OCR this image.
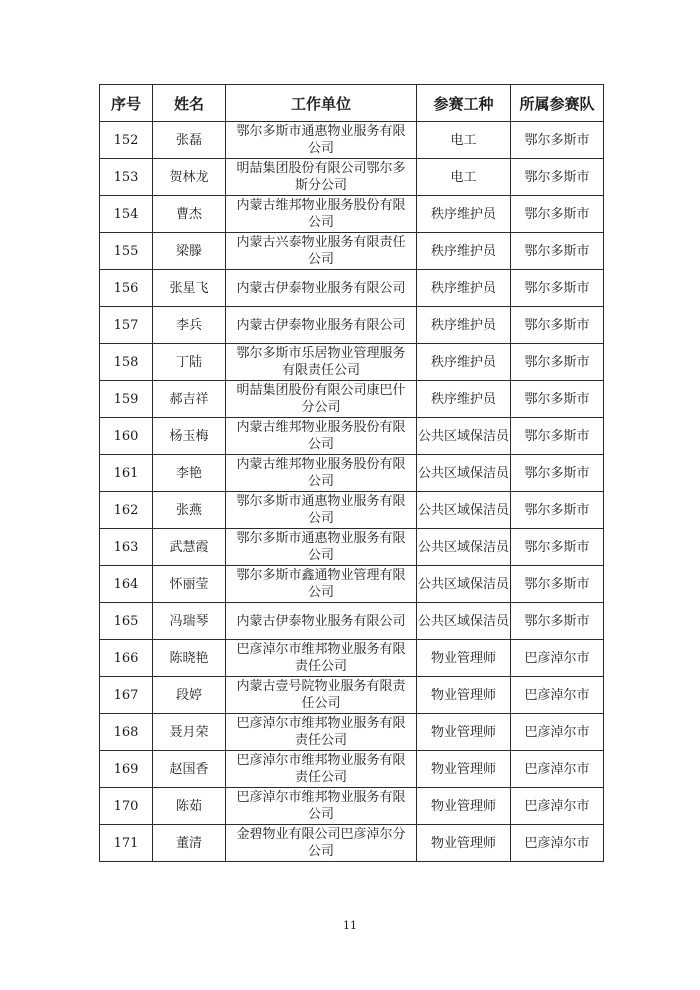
序号	姓名	工作单位	参赛工种	所属参赛队
152	张磊	鄂尔多斯市通惠物业服务有限公司	电工	鄂尔多斯市
153	贺林龙	明喆集团股份有限公司鄂尔多斯分公司	电工	鄂尔多斯市
154	曹杰	内蒙古维邦物业服务股份有限公司	秩序维护员	鄂尔多斯市
155	梁滕	内蒙古兴泰物业服务有限责任公司	秩序维护员	鄂尔多斯市
156	张星飞	内蒙古伊泰物业服务有限公司	秩序维护员	鄂尔多斯市
157	李兵	内蒙古伊泰物业服务有限公司	秩序维护员	鄂尔多斯市
158	丁陆	鄂尔多斯市乐居物业管理服务有限责任公司	秩序维护员	鄂尔多斯市
159	郝吉祥	明喆集团股份有限公司康巴什分公司	秩序维护员	鄂尔多斯市
160	杨玉梅	内蒙古维邦物业服务股份有限公司	公共区域保洁员	鄂尔多斯市
161	李艳	内蒙古维邦物业服务股份有限公司	公共区域保洁员	鄂尔多斯市
162	张燕	鄂尔多斯市通惠物业服务有限公司	公共区域保洁员	鄂尔多斯市
163	武慧霞	鄂尔多斯市通惠物业服务有限公司	公共区域保洁员	鄂尔多斯市
164	怀丽莹	鄂尔多斯市鑫通物业管理有限公司	公共区域保洁员	鄂尔多斯市
165	冯瑞琴	内蒙古伊泰物业服务有限公司	公共区域保洁员	鄂尔多斯市
166	陈晓艳	巴彦淖尔市维邦物业服务有限责任公司	物业管理师	巴彦淖尔市
167	段婷	内蒙古壹号院物业服务有限责任公司	物业管理师	巴彦淖尔市
168	聂月荣	巴彦淖尔市维邦物业服务有限责任公司	物业管理师	巴彦淖尔市
169	赵国香	巴彦淖尔市维邦物业服务有限责任公司	物业管理师	巴彦淖尔市
170	陈茹	巴彦淖尔市维邦物业服务有限公司	物业管理师	巴彦淖尔市
171	董清	金碧物业有限公司巴彦淖尔分公司	物业管理师	巴彦淖尔市
11
